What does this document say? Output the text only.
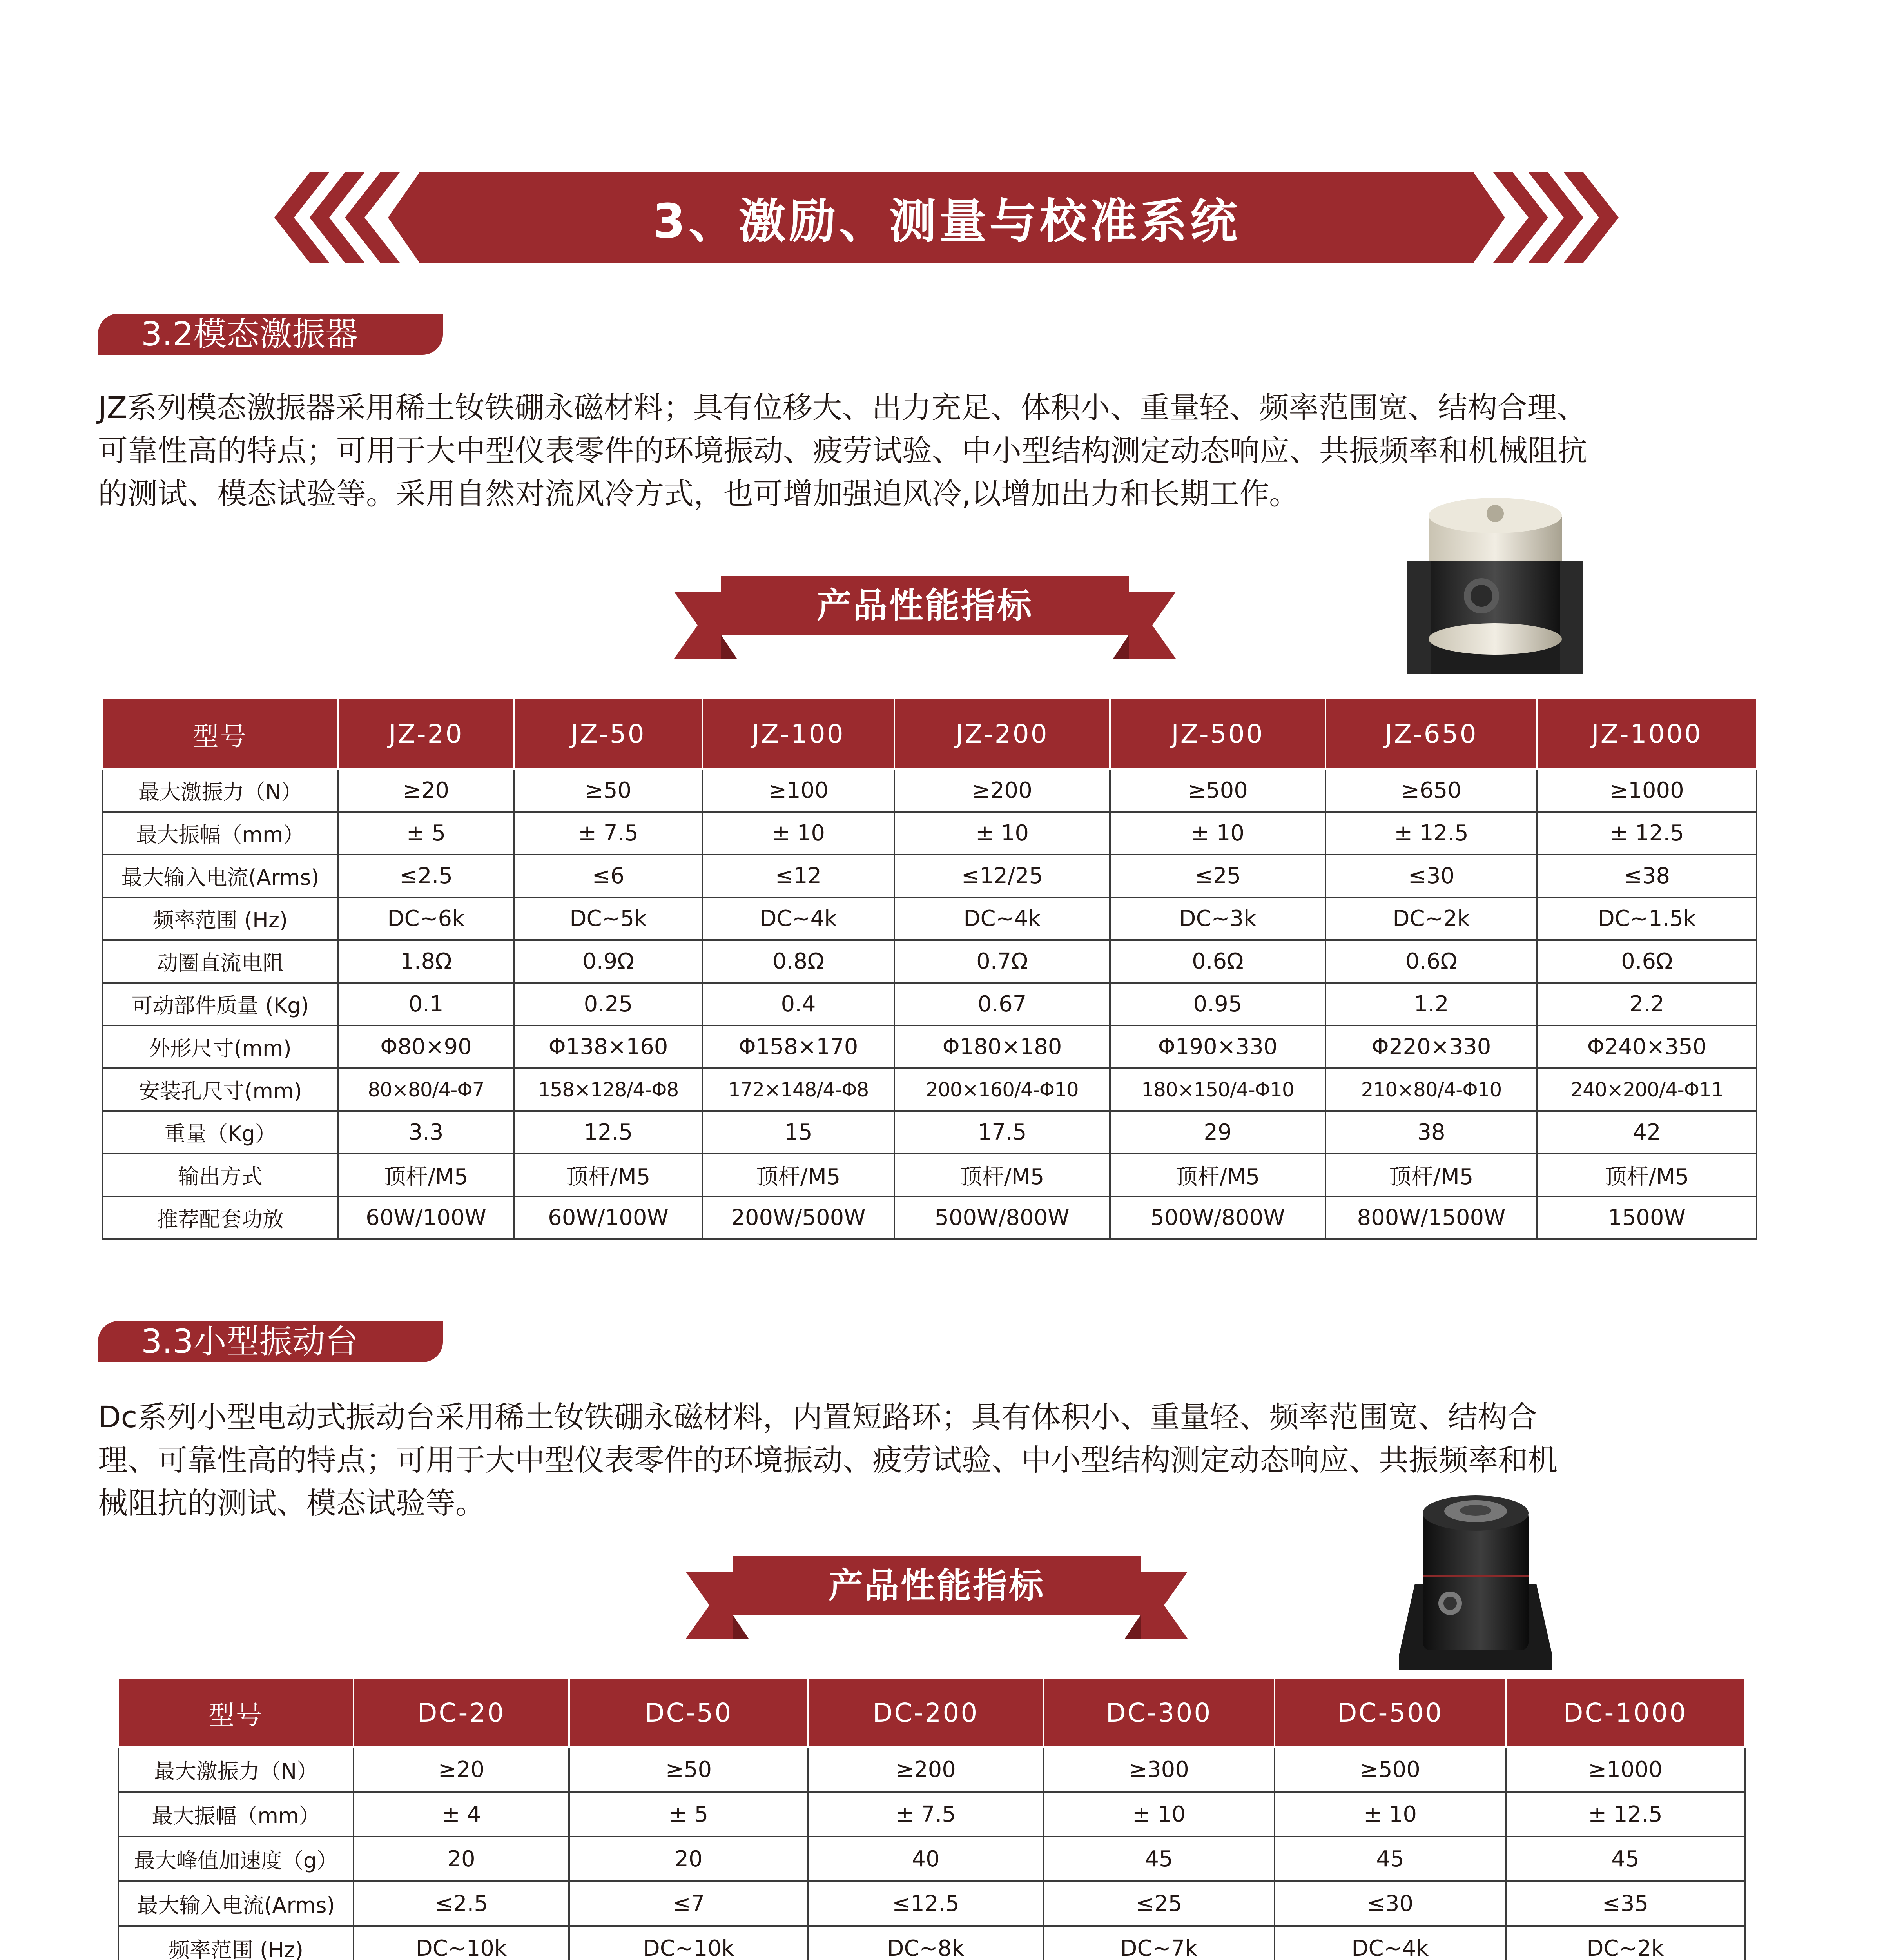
3、激励、测量与校准系统
3.2模态激振器
JZ系列模态激振器采用稀土钕铁硼永磁材料；具有位移大、出力充足、体积小、重量轻、频率范围宽、结构合理、
可靠性高的特点；可用于大中型仪表零件的环境振动、疲劳试验、中小型结构测定动态响应、共振频率和机械阻抗
的测试、模态试验等。采用自然对流风冷方式，也可增加强迫风冷,以增加出力和长期工作。
产品性能指标
型号	JZ-20	JZ-50	JZ-100	JZ-200	JZ-500	JZ-650	JZ-1000
最大激振力（N）	≥20	≥50	≥100	≥200	≥500	≥650	≥1000
最大振幅（mm）	± 5	± 7.5	± 10	± 10	± 10	± 12.5	± 12.5
最大输入电流(Arms)	≤2.5	≤6	≤12	≤12/25	≤25	≤30	≤38
频率范围 (Hz)	DC~6k	DC~5k	DC~4k	DC~4k	DC~3k	DC~2k	DC~1.5k
动圈直流电阻	1.8Ω	0.9Ω	0.8Ω	0.7Ω	0.6Ω	0.6Ω	0.6Ω
可动部件质量 (Kg)	0.1	0.25	0.4	0.67	0.95	1.2	2.2
外形尺寸(mm)	Φ80×90	Φ138×160	Φ158×170	Φ180×180	Φ190×330	Φ220×330	Φ240×350
安装孔尺寸(mm)	80×80/4-Φ7	158×128/4-Φ8	172×148/4-Φ8	200×160/4-Φ10	180×150/4-Φ10	210×80/4-Φ10	240×200/4-Φ11
重量（Kg）	3.3	12.5	15	17.5	29	38	42
输出方式	顶杆/M5	顶杆/M5	顶杆/M5	顶杆/M5	顶杆/M5	顶杆/M5	顶杆/M5
推荐配套功放	60W/100W	60W/100W	200W/500W	500W/800W	500W/800W	800W/1500W	1500W
3.3小型振动台
Dc系列小型电动式振动台采用稀土钕铁硼永磁材料，内置短路环；具有体积小、重量轻、频率范围宽、结构合
理、可靠性高的特点；可用于大中型仪表零件的环境振动、疲劳试验、中小型结构测定动态响应、共振频率和机
械阻抗的测试、模态试验等。
产品性能指标
型号	DC-20	DC-50	DC-200	DC-300	DC-500	DC-1000
最大激振力（N）	≥20	≥50	≥200	≥300	≥500	≥1000
最大振幅（mm）	± 4	± 5	± 7.5	± 10	± 10	± 12.5
最大峰值加速度（g）	20	20	40	45	45	45
最大输入电流(Arms)	≤2.5	≤7	≤12.5	≤25	≤30	≤35
频率范围 (Hz)	DC~10k	DC~10k	DC~8k	DC~7k	DC~4k	DC~2k
